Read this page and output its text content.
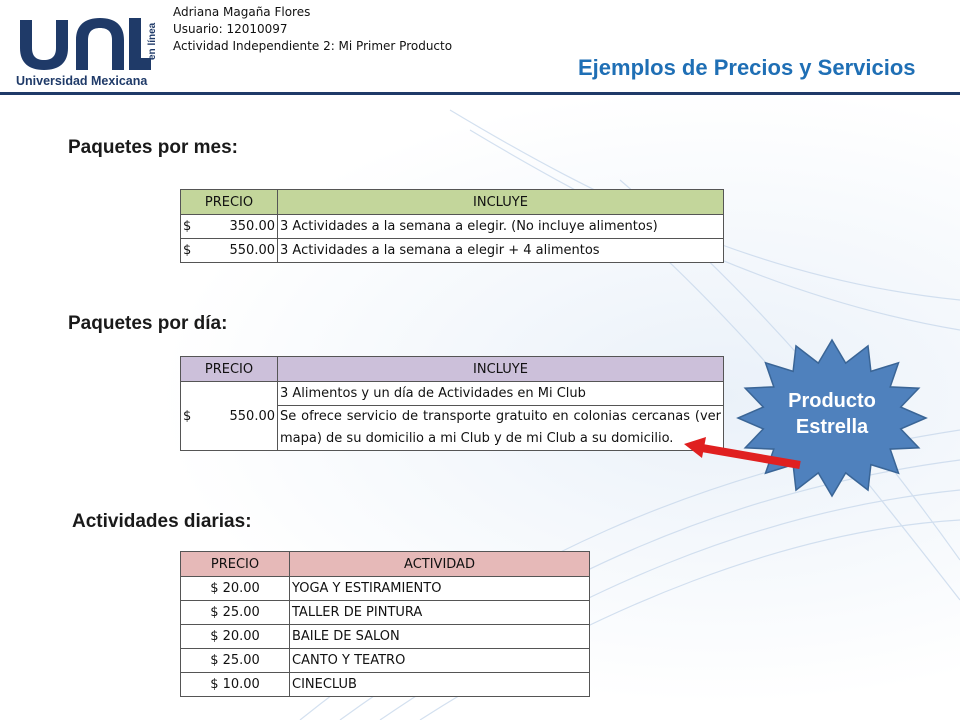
en línea
Universidad Mexicana
Adriana Magaña Flores
Usuario: 12010097
Actividad Independiente 2: Mi Primer Producto
Ejemplos de Precios y Servicios
Paquetes por mes:
PRECIO	INCLUYE

$ 350.00	3 Actividades a la semana a elegir. (No incluye alimentos)

$ 550.00	3 Actividades a la semana a elegir + 4 alimentos
Paquetes por día:
PRECIO	INCLUYE

$ 550.00	3 Alimentos y un día de Actividades en Mi Club
	Se ofrece servicio de transporte gratuito en colonias cercanas (ver mapa) de su domicilio a mi Club y de mi Club a su domicilio.
Actividades diarias:
PRECIO	ACTIVIDAD
$ 20.00	YOGA Y ESTIRAMIENTO
$ 25.00	TALLER DE PINTURA
$ 20.00	BAILE DE SALON
$ 25.00	CANTO Y TEATRO
$ 10.00	CINECLUB
Producto
Estrella
